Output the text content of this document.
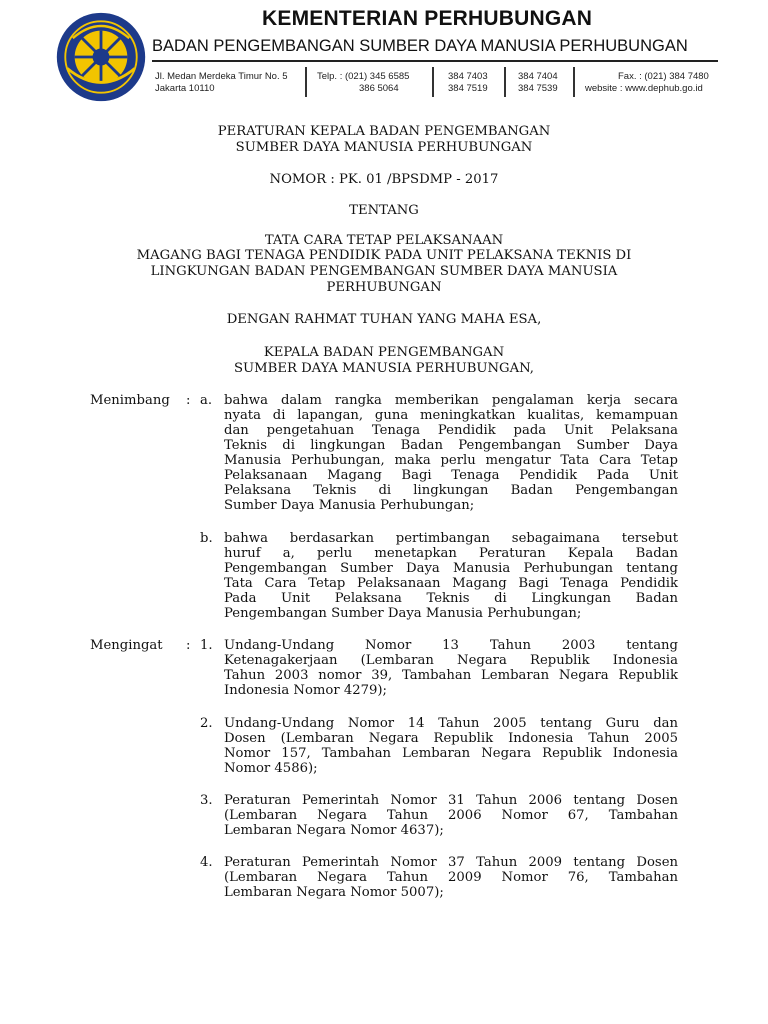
KEMENTERIAN PERHUBUNGAN
BADAN PENGEMBANGAN SUMBER DAYA MANUSIA PERHUBUNGAN
Jl. Medan Merdeka Timur No. 5
Jakarta 10110
Telp. : (021) 345 6585
386 5064
384 7403
384 7519
384 7404
384 7539
Fax. : (021) 384 7480
website : www.dephub.go.id
PERATURAN KEPALA BADAN PENGEMBANGAN
SUMBER DAYA MANUSIA PERHUBUNGAN
NOMOR : PK. 01 /BPSDMP - 2017
TENTANG
TATA CARA TETAP PELAKSANAAN
MAGANG BAGI TENAGA PENDIDIK PADA UNIT PELAKSANA TEKNIS DI
LINGKUNGAN BADAN PENGEMBANGAN SUMBER DAYA MANUSIA
PERHUBUNGAN
DENGAN RAHMAT TUHAN YANG MAHA ESA,
KEPALA BADAN PENGEMBANGAN
SUMBER DAYA MANUSIA PERHUBUNGAN,
Menimbang : a. bahwa dalam rangka memberikan pengalaman kerja secara
nyata di lapangan, guna meningkatkan kualitas, kemampuan
dan pengetahuan Tenaga Pendidik pada Unit Pelaksana
Teknis di lingkungan Badan Pengembangan Sumber Daya
Manusia Perhubungan, maka perlu mengatur Tata Cara Tetap
Pelaksanaan Magang Bagi Tenaga Pendidik Pada Unit
Pelaksana Teknis di lingkungan Badan Pengembangan
Sumber Daya Manusia Perhubungan;
b. bahwa berdasarkan pertimbangan sebagaimana tersebut
huruf a, perlu menetapkan Peraturan Kepala Badan
Pengembangan Sumber Daya Manusia Perhubungan tentang
Tata Cara Tetap Pelaksanaan Magang Bagi Tenaga Pendidik
Pada Unit Pelaksana Teknis di Lingkungan Badan
Pengembangan Sumber Daya Manusia Perhubungan;
Mengingat : 1. Undang-Undang Nomor 13 Tahun 2003 tentang
Ketenagakerjaan (Lembaran Negara Republik Indonesia
Tahun 2003 nomor 39, Tambahan Lembaran Negara Republik
Indonesia Nomor 4279);
2. Undang-Undang Nomor 14 Tahun 2005 tentang Guru dan
Dosen (Lembaran Negara Republik Indonesia Tahun 2005
Nomor 157, Tambahan Lembaran Negara Republik Indonesia
Nomor 4586);
3. Peraturan Pemerintah Nomor 31 Tahun 2006 tentang Dosen
(Lembaran Negara Tahun 2006 Nomor 67, Tambahan
Lembaran Negara Nomor 4637);
4. Peraturan Pemerintah Nomor 37 Tahun 2009 tentang Dosen
(Lembaran Negara Tahun 2009 Nomor 76, Tambahan
Lembaran Negara Nomor 5007);
